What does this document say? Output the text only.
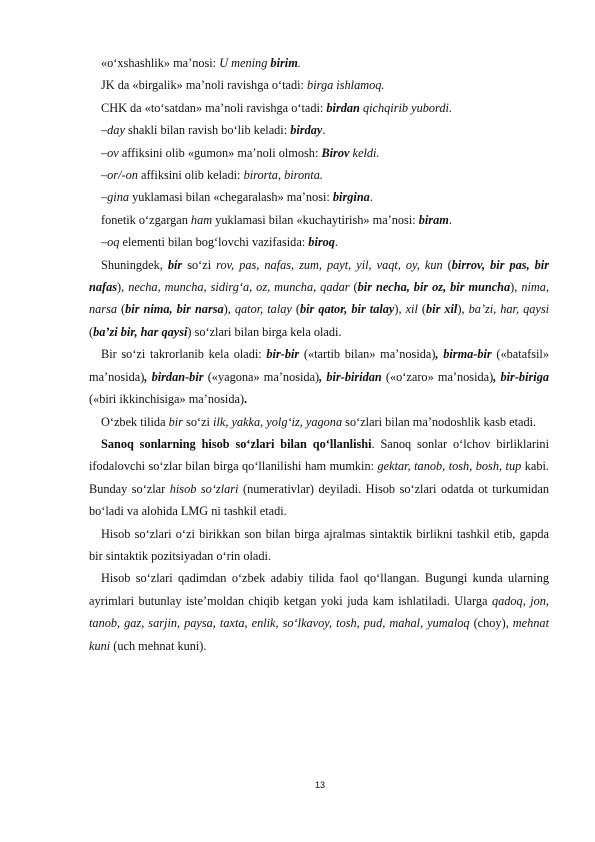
«o‘xshashlik» ma’nosi: U mening birim.

JK da «birgalik» ma’noli ravishga o‘tadi: birga ishlamoq.

CHK da «to‘satdan» ma’noli ravishga o‘tadi: birdan qichqirib yubordi.

–day shakli bilan ravish bo‘lib keladi: birday.

–ov affiksini olib «gumon» ma’noli olmosh: Birov keldi.

–or/-on affiksini olib keladi: birorta, bironta.

–gina yuklamasi bilan «chegaralash» ma’nosi: birgina.

fonetik o‘zgargan ham yuklamasi bilan «kuchaytirish» ma’nosi: biram.

–oq elementi bilan bog‘lovchi vazifasida: biroq.

Shuningdek, bir so‘zi rov, pas, nafas, zum, payt, yil, vaqt, oy, kun (birrov, bir pas, bir nafas), necha, muncha, sidirg‘a, oz, muncha, qadar (bir necha, bir oz, bir muncha), nima, narsa (bir nima, bir narsa), qator, talay (bir qator, bir talay), xil (bir xil), ba’zi, har, qaysi (ba’zi bir, har qaysi) so‘zlari bilan birga kela oladi.

Bir so‘zi takrorlanib kela oladi: bir-bir («tartib bilan» ma’nosida), birma-bir («batafsil» ma’nosida), birdan-bir («yagona» ma’nosida), bir-biridan («o‘zaro» ma’nosida), bir-biriga («biri ikkinchisiga» ma’nosida).

O‘zbek tilida bir so‘zi ilk, yakka, yolg‘iz, yagona so‘zlari bilan ma’nodoshlik kasb etadi.

Sanoq sonlarning hisob so‘zlari bilan qo‘llanlishi. Sanoq sonlar o‘lchov birliklarini ifodalovchi so‘zlar bilan birga qo‘llanilishi ham mumkin: gektar, tanob, tosh, bosh, tup kabi. Bunday so‘zlar hisob so‘zlari (numerativlar) deyiladi. Hisob so‘zlari odatda ot turkumidan bo‘ladi va alohida LMG ni tashkil etadi.

Hisob so‘zlari o‘zi birikkan son bilan birga ajralmas sintaktik birlikni tashkil etib, gapda bir sintaktik pozitsiyadan o‘rin oladi.

Hisob so‘zlari qadimdan o‘zbek adabiy tilida faol qo‘llangan. Bugungi kunda ularning ayrimlari butunlay iste’moldan chiqib ketgan yoki juda kam ishlatiladi. Ularga qadoq, jon, tanob, gaz, sarjin, paysa, taxta, enlik, so‘lkavoy, tosh, pud, mahal, yumaloq (choy), mehnat kuni (uch mehnat kuni).

13
